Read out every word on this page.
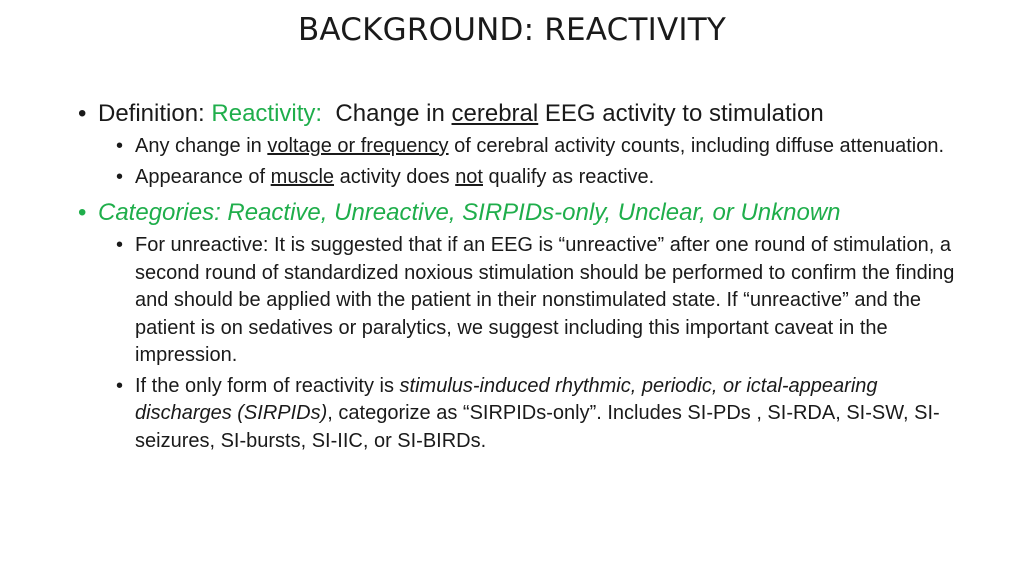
BACKGROUND: REACTIVITY
• Definition: Reactivity:  Change in cerebral EEG activity to stimulation
• Any change in voltage or frequency of cerebral activity counts, including diffuse attenuation.
• Appearance of muscle activity does not qualify as reactive.
• Categories: Reactive, Unreactive, SIRPIDs-only, Unclear, or Unknown
• For unreactive: It is suggested that if an EEG is “unreactive” after one round of stimulation, a second round of standardized noxious stimulation should be performed to confirm the finding and should be applied with the patient in their nonstimulated state. If “unreactive” and the patient is on sedatives or paralytics, we suggest including this important caveat in the impression.
• If the only form of reactivity is stimulus-induced rhythmic, periodic, or ictal-appearing discharges (SIRPIDs), categorize as “SIRPIDs-only”. Includes SI-PDs , SI-RDA, SI-SW, SI-seizures, SI-bursts, SI-IIC, or SI-BIRDs.
